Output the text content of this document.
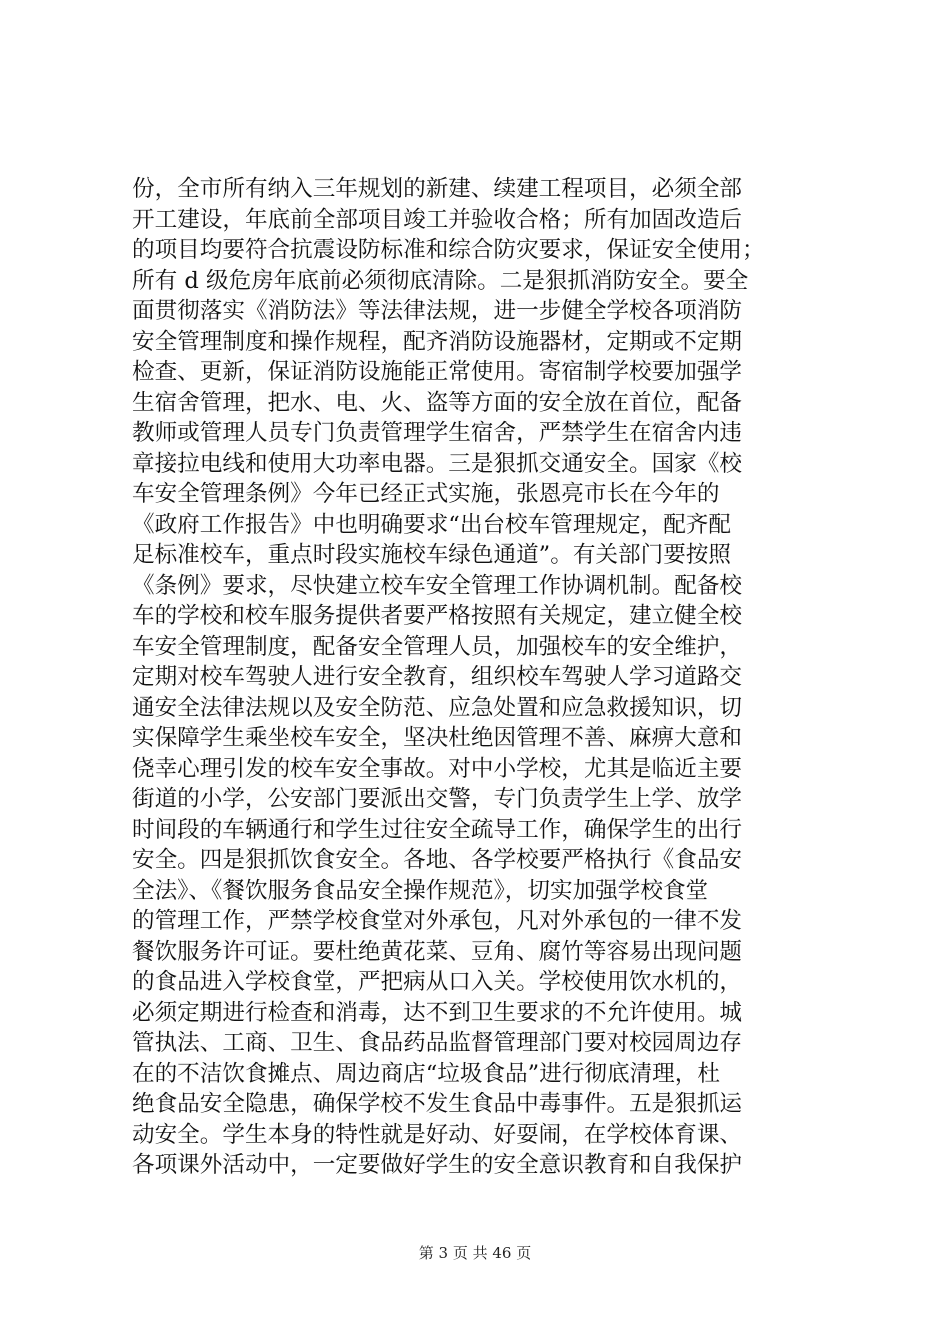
份，全市所有纳入三年规划的新建、续建工程项目，必须全部
开工建设，年底前全部项目竣工并验收合格；所有加固改造后
的项目均要符合抗震设防标准和综合防灾要求，保证安全使用；
所有 d 级危房年底前必须彻底清除。二是狠抓消防安全。要全
面贯彻落实《消防法》等法律法规，进一步健全学校各项消防
安全管理制度和操作规程，配齐消防设施器材，定期或不定期
检查、更新，保证消防设施能正常使用。寄宿制学校要加强学
生宿舍管理，把水、电、火、盗等方面的安全放在首位，配备
教师或管理人员专门负责管理学生宿舍，严禁学生在宿舍内违
章接拉电线和使用大功率电器。三是狠抓交通安全。国家《校
车安全管理条例》今年已经正式实施，张恩亮市长在今年的
《政府工作报告》中也明确要求“出台校车管理规定，配齐配
足标准校车，重点时段实施校车绿色通道”。有关部门要按照
《条例》要求，尽快建立校车安全管理工作协调机制。配备校
车的学校和校车服务提供者要严格按照有关规定，建立健全校
车安全管理制度，配备安全管理人员，加强校车的安全维护，
定期对校车驾驶人进行安全教育，组织校车驾驶人学习道路交
通安全法律法规以及安全防范、应急处置和应急救援知识，切
实保障学生乘坐校车安全，坚决杜绝因管理不善、麻痹大意和
侥幸心理引发的校车安全事故。对中小学校，尤其是临近主要
街道的小学，公安部门要派出交警，专门负责学生上学、放学
时间段的车辆通行和学生过往安全疏导工作，确保学生的出行
安全。四是狠抓饮食安全。各地、各学校要严格执行《食品安
全法》、《餐饮服务食品安全操作规范》，切实加强学校食堂
的管理工作，严禁学校食堂对外承包，凡对外承包的一律不发
餐饮服务许可证。要杜绝黄花菜、豆角、腐竹等容易出现问题
的食品进入学校食堂，严把病从口入关。学校使用饮水机的，
必须定期进行检查和消毒，达不到卫生要求的不允许使用。城
管执法、工商、卫生、食品药品监督管理部门要对校园周边存
在的不洁饮食摊点、周边商店“垃圾食品”进行彻底清理，杜
绝食品安全隐患，确保学校不发生食品中毒事件。五是狠抓运
动安全。学生本身的特性就是好动、好耍闹，在学校体育课、
各项课外活动中，一定要做好学生的安全意识教育和自我保护
第 3 页 共 46 页
